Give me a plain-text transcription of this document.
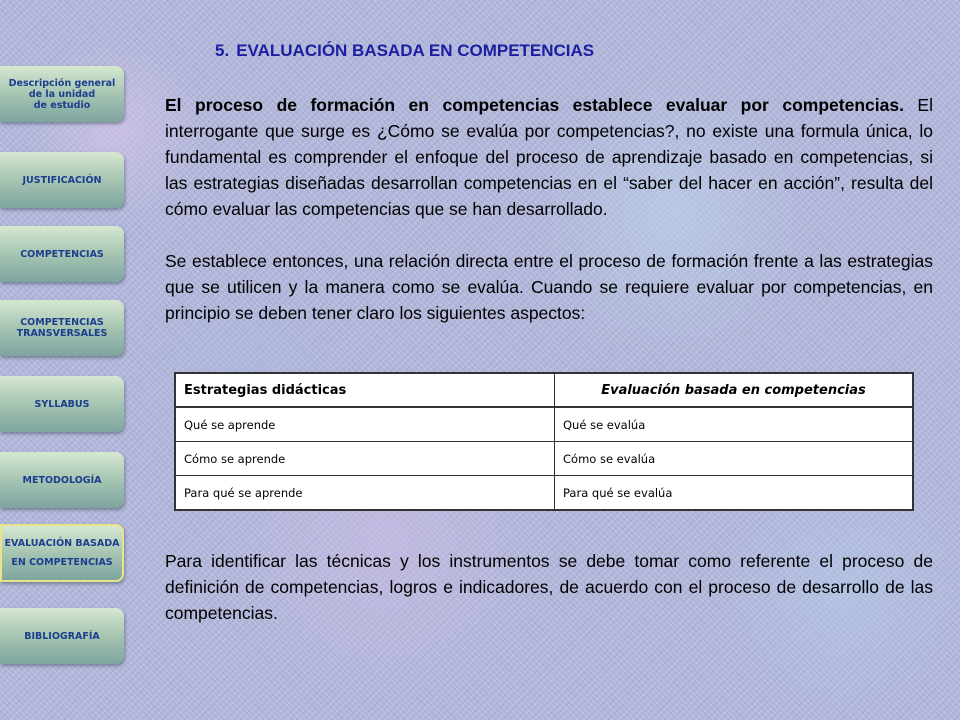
Descripción general
de la unidad
de estudio
JUSTIFICACIÓN
COMPETENCIAS
COMPETENCIAS
TRANSVERSALES
SYLLABUS
METODOLOGÍA
EVALUACIÓN BASADA
EN COMPETENCIAS
BIBLIOGRAFÍA
5. EVALUACIÓN BASADA EN COMPETENCIAS

El proceso de formación en competencias establece evaluar por competencias. El interrogante que surge es ¿Cómo se evalúa por competencias?, no existe una formula única, lo fundamental es comprender el enfoque del proceso de aprendizaje basado en competencias, si las estrategias diseñadas desarrollan competencias en el “saber del hacer en acción”, resulta del cómo evaluar las competencias que se han desarrollado.

Se establece entonces, una relación directa entre el proceso de formación frente a las estrategias que se utilicen y la manera como se evalúa. Cuando se requiere evaluar por competencias, en principio se deben tener claro los siguientes aspectos:

Estrategias didácticas	Evaluación basada en competencias
Qué se aprende	Qué se evalúa
Cómo se aprende	Cómo se evalúa
Para qué se aprende	Para qué se evalúa

Para identificar las técnicas y los instrumentos se debe tomar como referente el proceso de definición de competencias, logros e indicadores, de acuerdo con el proceso de desarrollo de las competencias.
